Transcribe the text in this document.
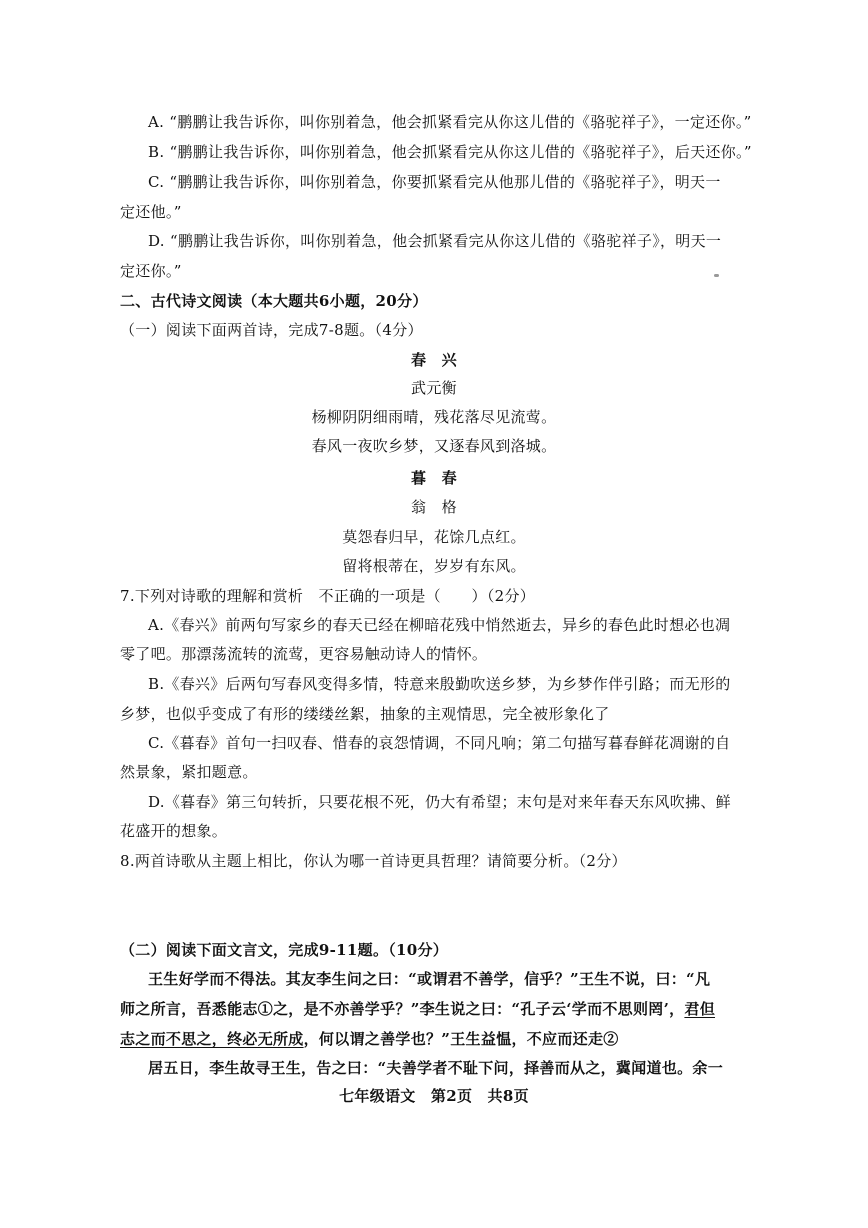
A. “鹏鹏让我告诉你，叫你别着急，他会抓紧看完从你这儿借的《骆驼祥子》，一定还你。”
B. “鹏鹏让我告诉你，叫你别着急，他会抓紧看完从你这儿借的《骆驼祥子》，后天还你。”
C. “鹏鹏让我告诉你，叫你别着急，你要抓紧看完从他那儿借的《骆驼祥子》，明天一
定还他。”
D. “鹏鹏让我告诉你，叫你别着急，他会抓紧看完从你这儿借的《骆驼祥子》，明天一
定还你。”
二、古代诗文阅读（本大题共6小题，20分）
（一）阅读下面两首诗，完成7-8题。（4分）
春　兴
武元衡
杨柳阴阴细雨晴，残花落尽见流莺。
春风一夜吹乡梦，又逐春风到洛城。
暮　春
翁　格
莫怨春归早，花馀几点红。
留将根蒂在，岁岁有东风。
7.下列对诗歌的理解和赏析　不正确的一项是（　　）（2分）
A.《春兴》前两句写家乡的春天已经在柳暗花残中悄然逝去，异乡的春色此时想必也凋
零了吧。那漂荡流转的流莺，更容易触动诗人的情怀。
B.《春兴》后两句写春风变得多情，特意来殷勤吹送乡梦，为乡梦作伴引路；而无形的
乡梦，也似乎变成了有形的缕缕丝絮，抽象的主观情思，完全被形象化了
C.《暮春》首句一扫叹春、惜春的哀怨情调，不同凡响；第二句描写暮春鲜花凋谢的自
然景象，紧扣题意。
D.《暮春》第三句转折，只要花根不死，仍大有希望；末句是对来年春天东风吹拂、鲜
花盛开的想象。
8.两首诗歌从主题上相比，你认为哪一首诗更具哲理？请简要分析。（2分）
（二）阅读下面文言文，完成9-11题。（10分）
王生好学而不得法。其友李生问之曰：“或谓君不善学，信乎？”王生不说，曰：“凡
师之所言，吾悉能志①之，是不亦善学乎？”李生说之曰：“孔子云‘学而不思则罔’，君但
志之而不思之，终必无所成，何以谓之善学也？”王生益愠，不应而还走②
居五日，李生故寻王生，告之曰：“夫善学者不耻下问，择善而从之，冀闻道也。余一
七年级语文　第2页　共8页
